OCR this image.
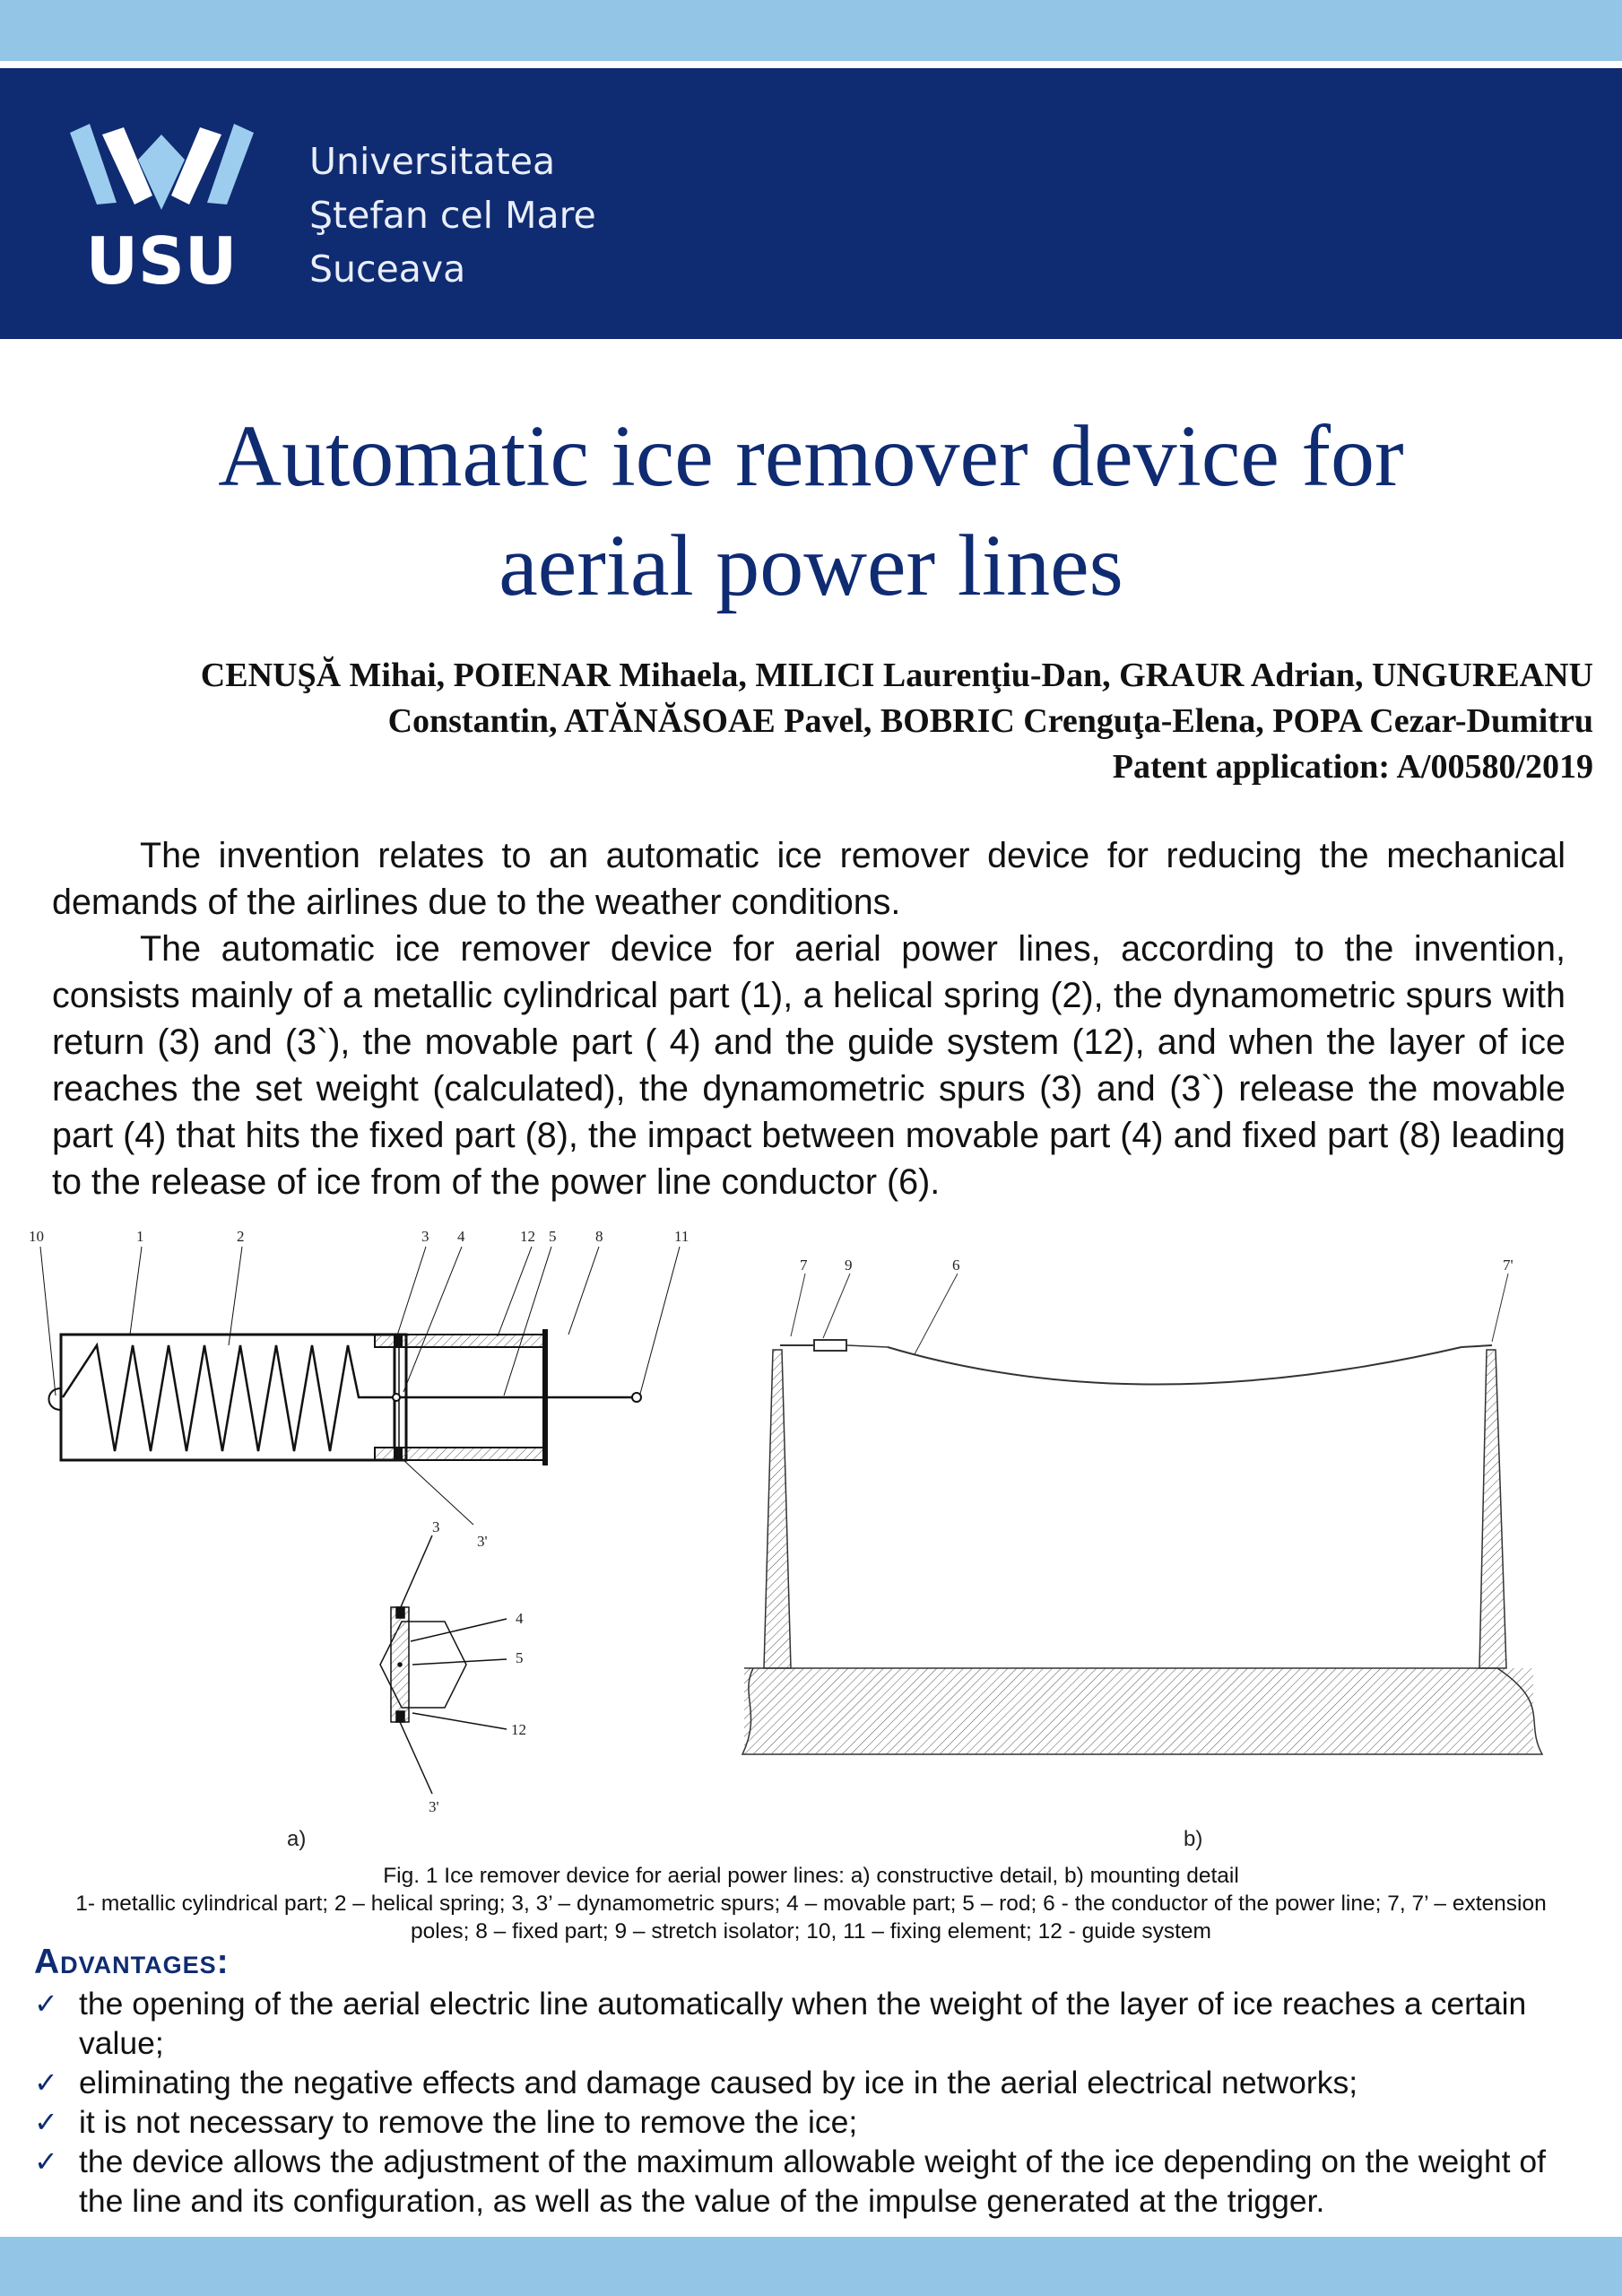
USU
Universitatea
Ştefan cel Mare
Suceava
Automatic ice remover device for
aerial power lines
CENUŞĂ Mihai, POIENAR Mihaela, MILICI Laurenţiu-Dan, GRAUR Adrian, UNGUREANU
Constantin, ATĂNĂSOAE Pavel, BOBRIC Crenguţa-Elena, POPA Cezar-Dumitru
Patent application: A/00580/2019

The invention relates to an automatic ice remover device for reducing the mechanical demands of the airlines due to the weather conditions.

The automatic ice remover device for aerial power lines, according to the invention, consists mainly of a metallic cylindrical part (1), a helical spring (2), the dynamometric spurs with return (3) and (3`), the movable part ( 4) and the guide system (12), and when the layer of ice reaches the set weight (calculated), the dynamometric spurs (3) and (3`) release the movable part (4) that hits the fixed part (8), the impact between movable part (4) and fixed part (8) leading to the release of ice from of the power line conductor (6).

10	1	2	3 4	12 5	8	11
3'
3
4
5
12
3'
7 9	6	7'
a)	b)
Fig. 1 Ice remover device for aerial power lines: a) constructive detail, b) mounting detail
1- metallic cylindrical part; 2 – helical spring; 3, 3’ – dynamometric spurs; 4 – movable part; 5 – rod; 6 - the conductor of the power line; 7, 7’ – extension
poles; 8 – fixed part; 9 – stretch isolator; 10, 11 – fixing element; 12 - guide system
Advantages:
✓ the opening of the aerial electric line automatically when the weight of the layer of ice reaches a certain value;
✓ eliminating the negative effects and damage caused by ice in the aerial electrical networks;
✓ it is not necessary to remove the line to remove the ice;
✓ the device allows the adjustment of the maximum allowable weight of the ice depending on the weight of the line and its configuration, as well as the value of the impulse generated at the trigger.
